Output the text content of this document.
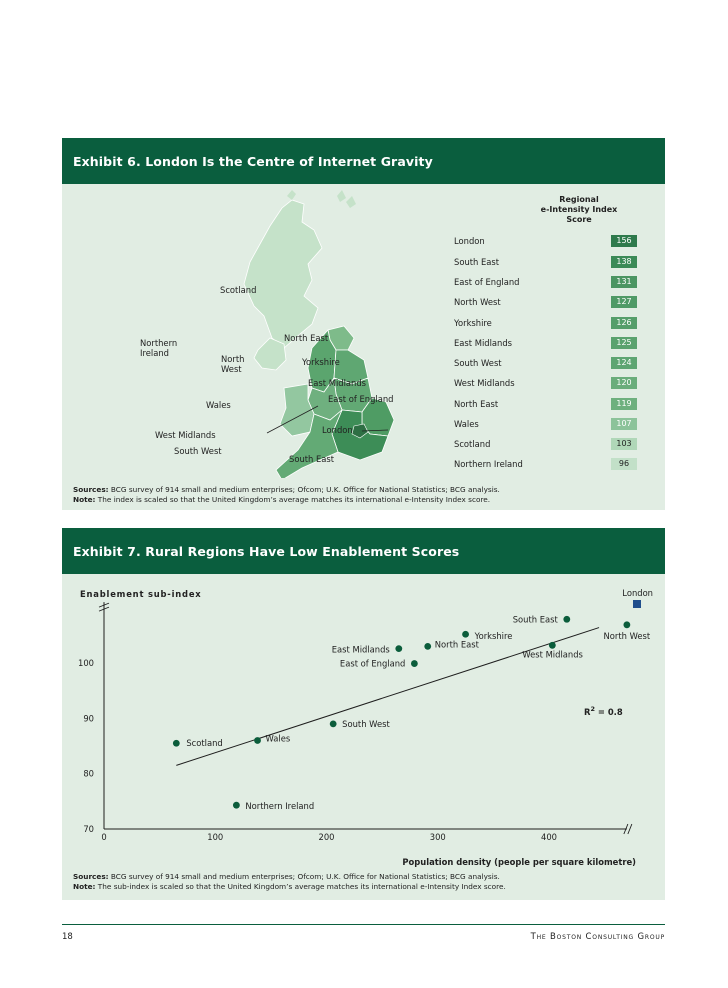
Exhibit 6. London Is the Centre of Internet Gravity
Scotland
Northern
Ireland
North
West
North East
Yorkshire
East Midlands
East of England
Wales
London
West Midlands
South West
South East
Regional
e-Intensity Index
Score
London	156
South East	138
East of England	131
North West	127
Yorkshire	126
East Midlands	125
South West	124
West Midlands	120
North East	119
Wales	107
Scotland	103
Northern Ireland	96
Sources: BCG survey of 914 small and medium enterprises; Ofcom; U.K. Office for National Statistics; BCG analysis.
Note: The index is scaled so that the United Kingdom’s average matches its international e-Intensity Index score.
Exhibit 7. Rural Regions Have Low Enablement Scores
Enablement sub-index
Population density (people per square kilometre)
70
80
90
100
0	100	200	300	400
Scotland	Wales
Northern Ireland
South West
East of England
East Midlands
North East
Yorkshire
West Midlands
South East
North West
London
$R^2 = 0.8$
Sources: BCG survey of 914 small and medium enterprises; Ofcom; U.K. Office for National Statistics; BCG analysis.
Note: The sub-index is scaled so that the United Kingdom’s average matches its international e-Intensity Index score.
18	The Boston Consulting Group
